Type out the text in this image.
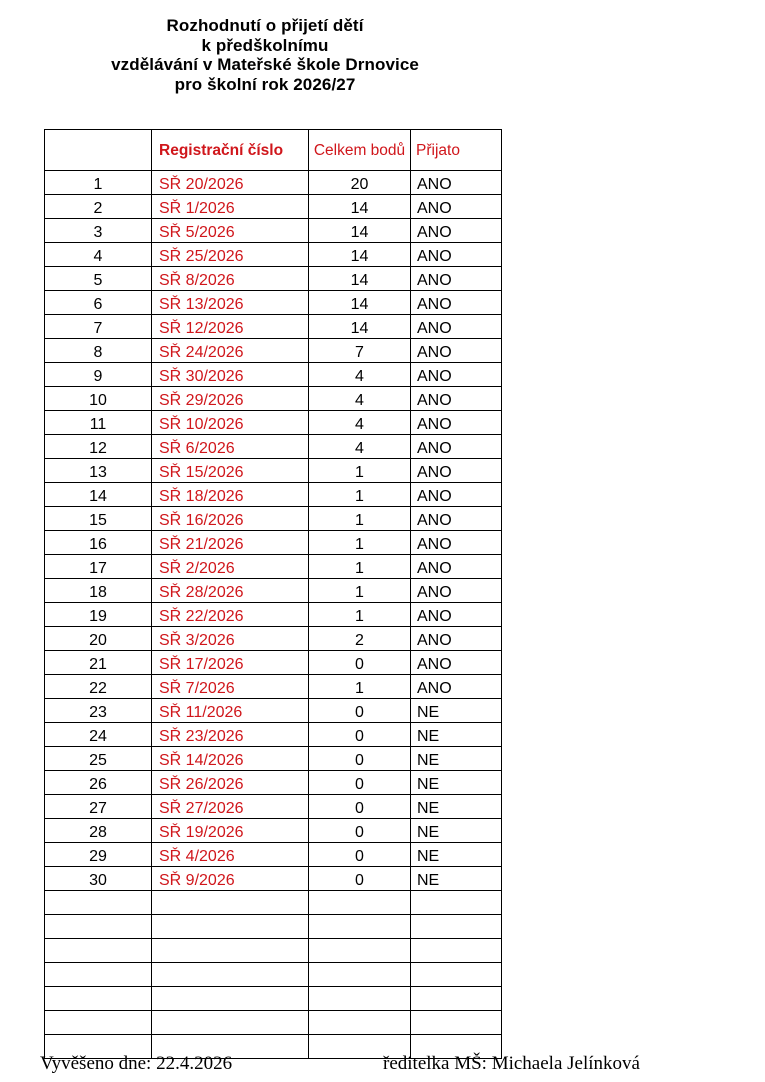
Rozhodnutí o přijetí dětí
k předškolnímu
vzdělávání v Mateřské škole Drnovice
pro školní rok 2026/27
	Registrační číslo	Celkem bodů	Přijato
1	SŘ 20/2026	20	ANO
2	SŘ 1/2026	14	ANO
3	SŘ 5/2026	14	ANO
4	SŘ 25/2026	14	ANO
5	SŘ 8/2026	14	ANO
6	SŘ 13/2026	14	ANO
7	SŘ 12/2026	14	ANO
8	SŘ 24/2026	7	ANO
9	SŘ 30/2026	4	ANO
10	SŘ 29/2026	4	ANO
11	SŘ 10/2026	4	ANO
12	SŘ 6/2026	4	ANO
13	SŘ 15/2026	1	ANO
14	SŘ 18/2026	1	ANO
15	SŘ 16/2026	1	ANO
16	SŘ 21/2026	1	ANO
17	SŘ 2/2026	1	ANO
18	SŘ 28/2026	1	ANO
19	SŘ 22/2026	1	ANO
20	SŘ 3/2026	2	ANO
21	SŘ 17/2026	0	ANO
22	SŘ 7/2026	1	ANO
23	SŘ 11/2026	0	NE
24	SŘ 23/2026	0	NE
25	SŘ 14/2026	0	NE
26	SŘ 26/2026	0	NE
27	SŘ 27/2026	0	NE
28	SŘ 19/2026	0	NE
29	SŘ 4/2026	0	NE
30	SŘ 9/2026	0	NE

Vyvěšeno dne: 22.4.2026	ředitelka MŠ: Michaela Jelínková
